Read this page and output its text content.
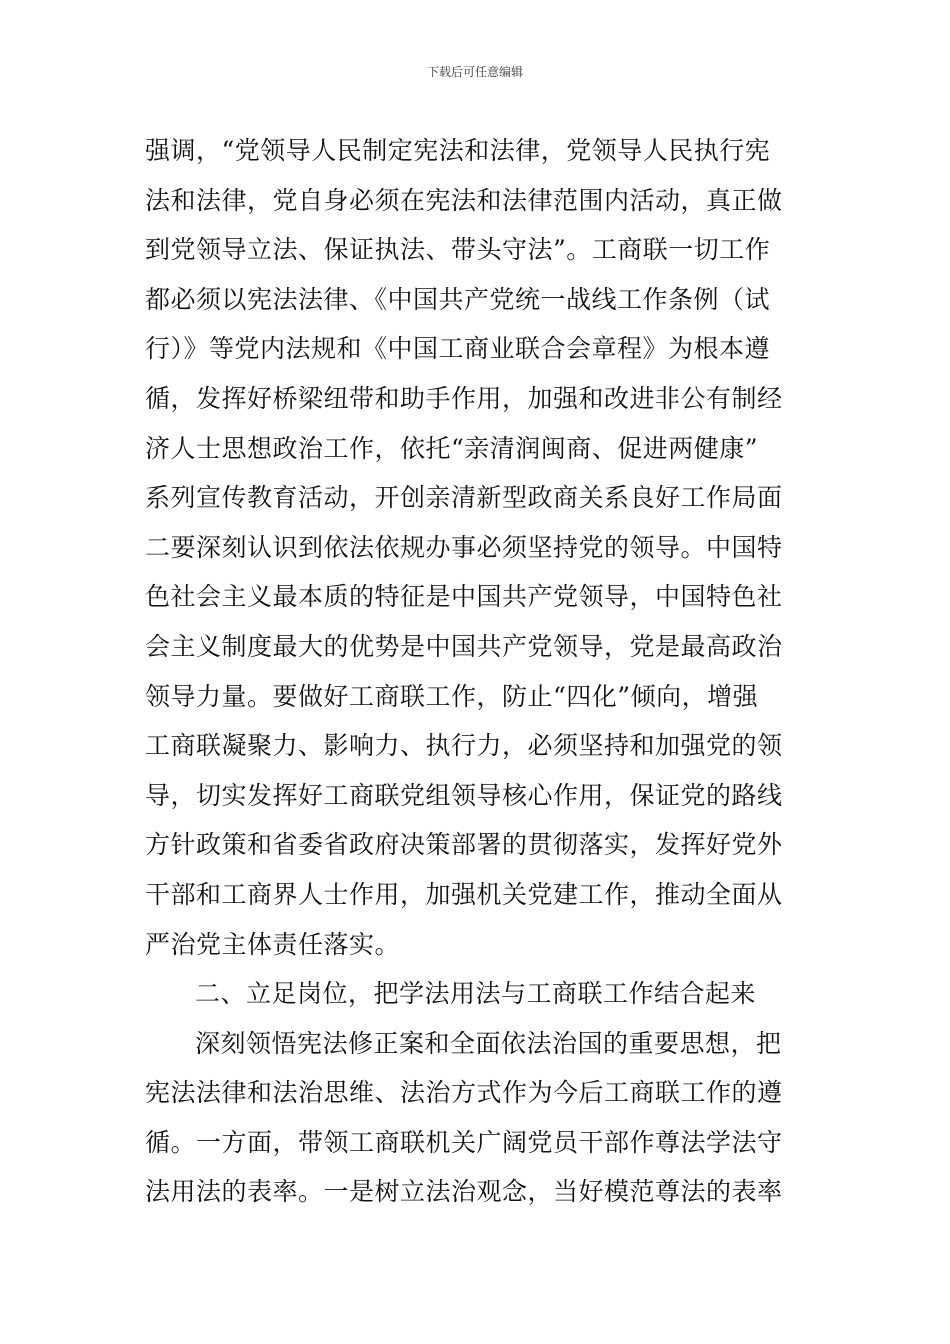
下载后可任意编辑
强调，“党领导人民制定宪法和法律，党领导人民执行宪
法和法律，党自身必须在宪法和法律范围内活动，真正做
到党领导立法、保证执法、带头守法”。工商联一切工作
都必须以宪法法律、《中国共产党统一战线工作条例（试
行）》等党内法规和《中国工商业联合会章程》为根本遵
循，发挥好桥梁纽带和助手作用，加强和改进非公有制经
济人士思想政治工作，依托“亲清润闽商、促进两健康”
系列宣传教育活动，开创亲清新型政商关系良好工作局面
二要深刻认识到依法依规办事必须坚持党的领导。中国特
色社会主义最本质的特征是中国共产党领导，中国特色社
会主义制度最大的优势是中国共产党领导，党是最高政治
领导力量。要做好工商联工作，防止“四化”倾向，增强
工商联凝聚力、影响力、执行力，必须坚持和加强党的领
导，切实发挥好工商联党组领导核心作用，保证党的路线
方针政策和省委省政府决策部署的贯彻落实，发挥好党外
干部和工商界人士作用，加强机关党建工作，推动全面从
严治党主体责任落实。
二、立足岗位，把学法用法与工商联工作结合起来
深刻领悟宪法修正案和全面依法治国的重要思想，把
宪法法律和法治思维、法治方式作为今后工商联工作的遵
循。一方面，带领工商联机关广阔党员干部作尊法学法守
法用法的表率。一是树立法治观念，当好模范尊法的表率
